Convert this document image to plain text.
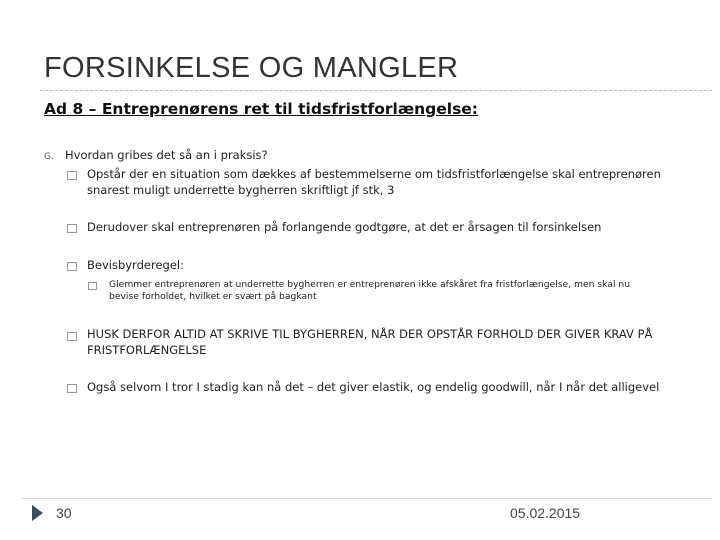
FORSINKELSE OG MANGLER
Ad 8 – Entreprenørens ret til tidsfristforlængelse:
G. Hvordan gribes det så an i praksis?
Opstår der en situation som dækkes af bestemmelserne om tidsfristforlængelse skal entreprenøren
snarest muligt underrette bygherren skriftligt jf stk, 3
Derudover skal entreprenøren på forlangende godtgøre, at det er årsagen til forsinkelsen
Bevisbyrderegel:
Glemmer entreprenøren at underrette bygherren er entreprenøren ikke afskåret fra fristforlængelse, men skal nu
bevise forholdet, hvilket er svært på bagkant
HUSK DERFOR ALTID AT SKRIVE TIL BYGHERREN, NÅR DER OPSTÅR FORHOLD DER GIVER KRAV PÅ
FRISTFORLÆNGELSE
Også selvom I tror I stadig kan nå det – det giver elastik, og endelig goodwill, når I når det alligevel
30	05.02.2015
